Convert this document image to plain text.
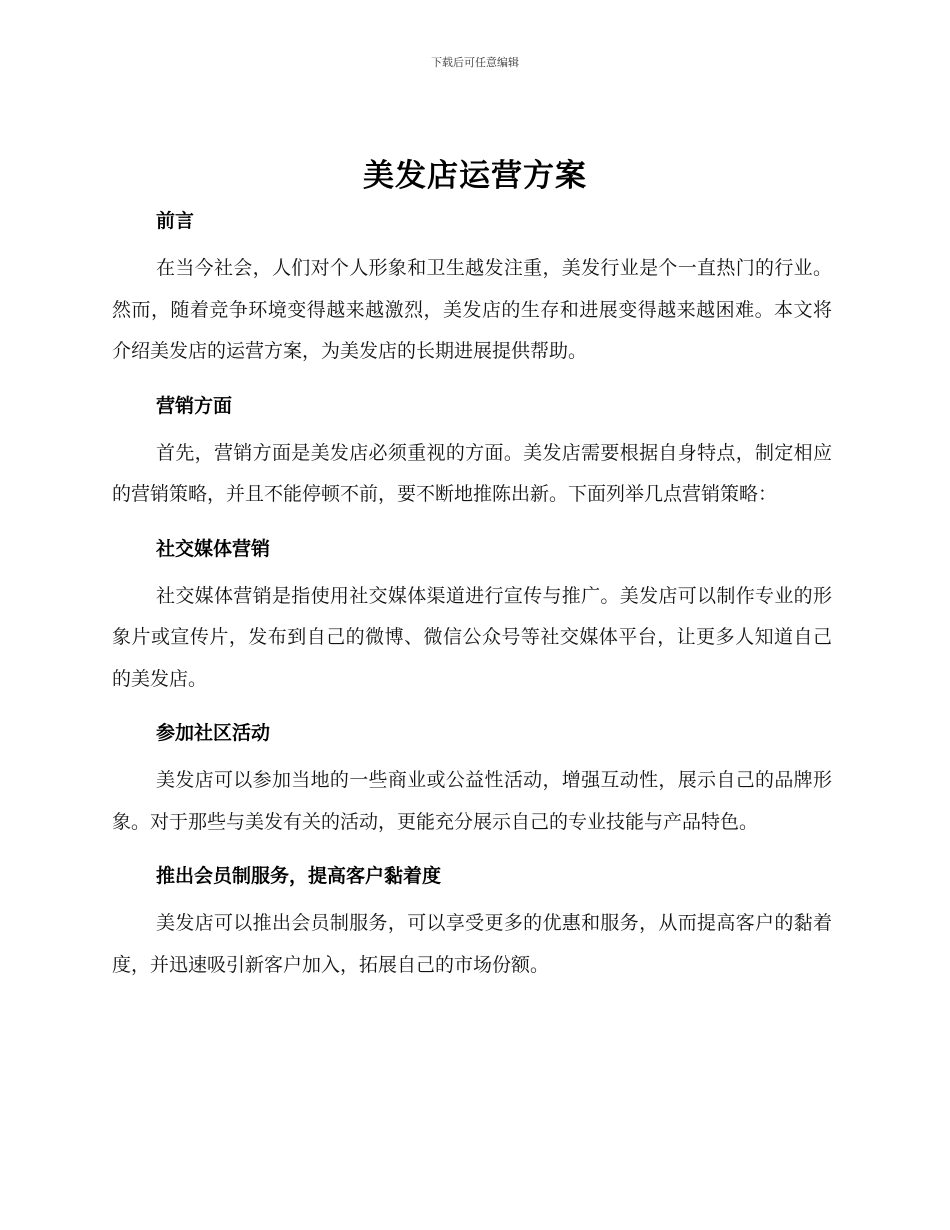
下载后可任意编辑
美发店运营方案
前言

在当今社会，人们对个人形象和卫生越发注重，美发行业是个一直热门的行业。然而，随着竞争环境变得越来越激烈，美发店的生存和进展变得越来越困难。本文将介绍美发店的运营方案，为美发店的长期进展提供帮助。

营销方面

首先，营销方面是美发店必须重视的方面。美发店需要根据自身特点，制定相应的营销策略，并且不能停顿不前，要不断地推陈出新。下面列举几点营销策略：

社交媒体营销

社交媒体营销是指使用社交媒体渠道进行宣传与推广。美发店可以制作专业的形象片或宣传片，发布到自己的微博、微信公众号等社交媒体平台，让更多人知道自己的美发店。

参加社区活动

美发店可以参加当地的一些商业或公益性活动，增强互动性，展示自己的品牌形象。对于那些与美发有关的活动，更能充分展示自己的专业技能与产品特色。

推出会员制服务，提高客户黏着度

美发店可以推出会员制服务，可以享受更多的优惠和服务，从而提高客户的黏着度，并迅速吸引新客户加入，拓展自己的市场份额。
